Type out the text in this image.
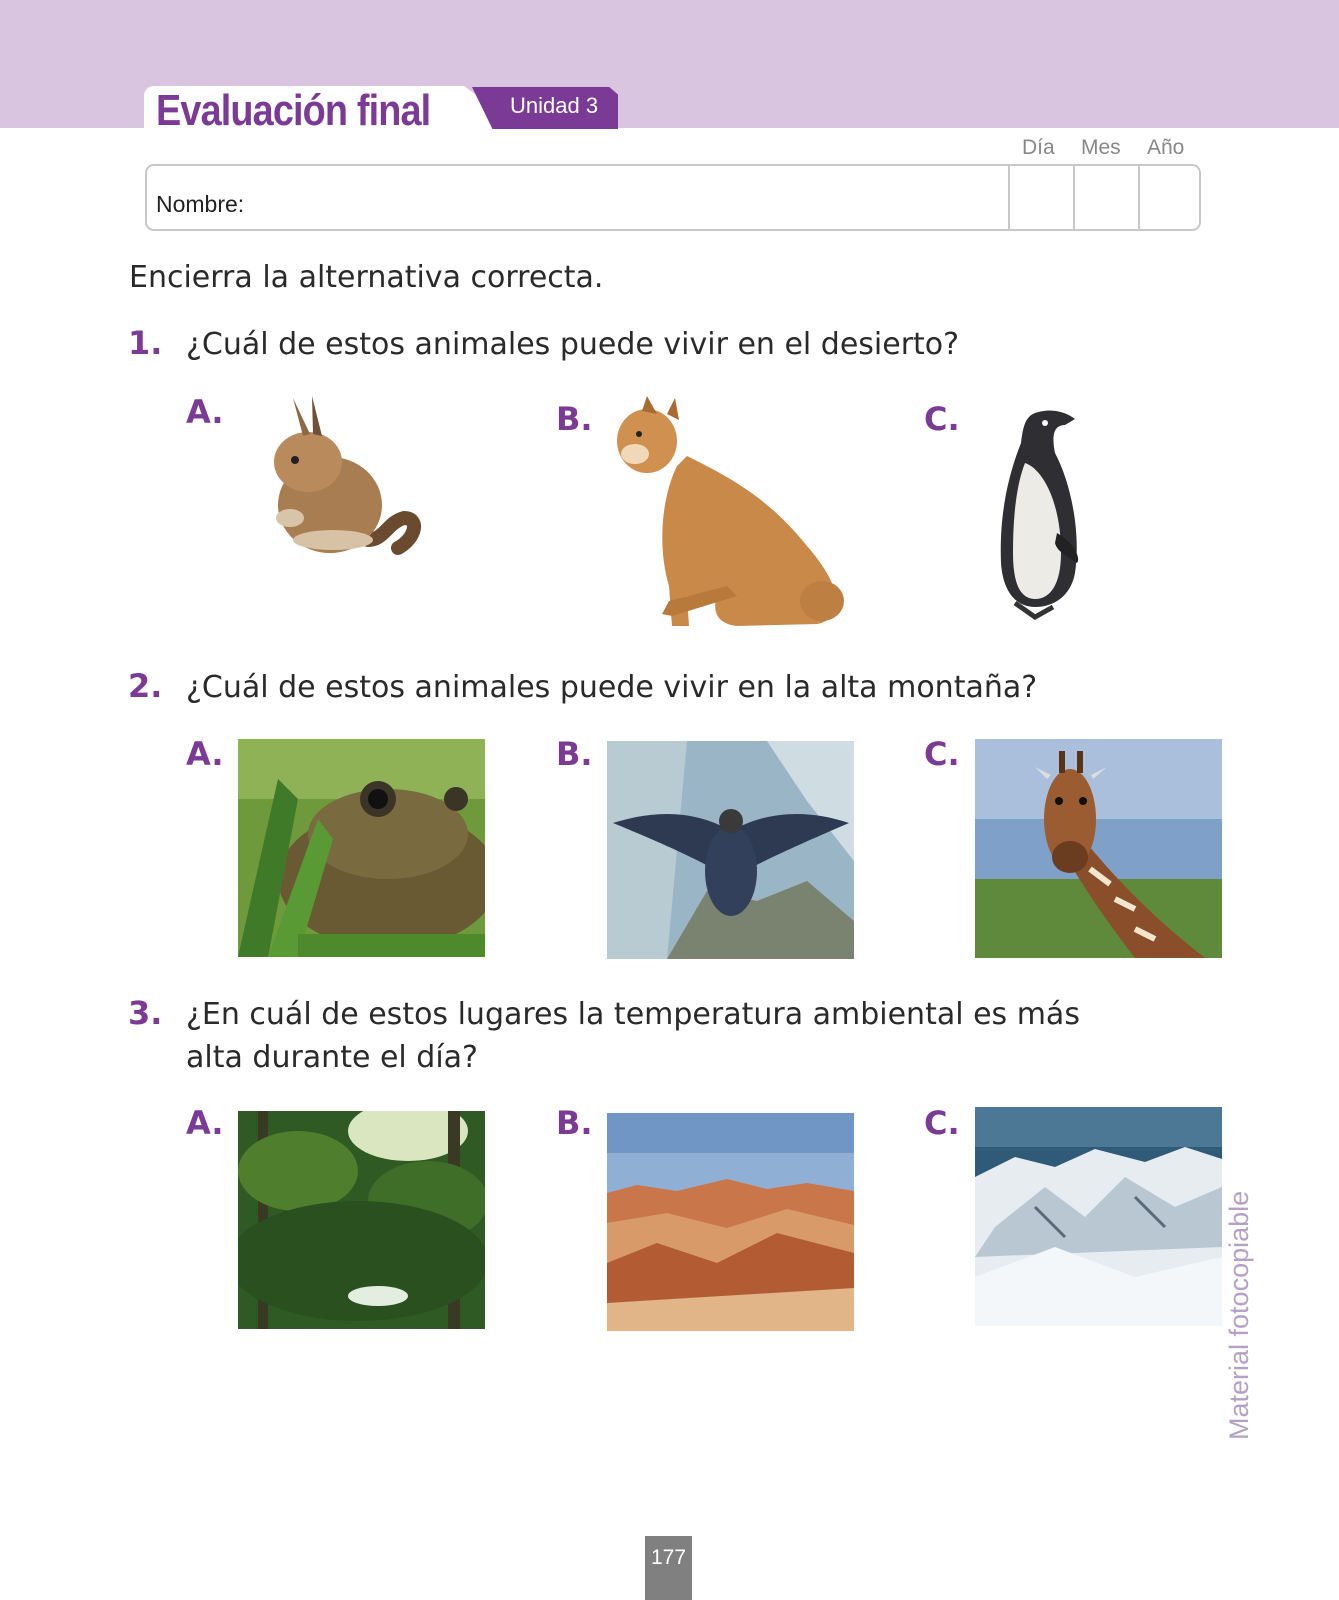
Evaluación final	Unidad 3
Día Mes Año
Nombre:
Encierra la alternativa correcta.
1. ¿Cuál de estos animales puede vivir en el desierto?
A.	B.	C.
2. ¿Cuál de estos animales puede vivir en la alta montaña?
A.	B.	C.
3. ¿En cuál de estos lugares la temperatura ambiental es más alta durante el día?
A.	B.	C.
Material fotocopiable
177
